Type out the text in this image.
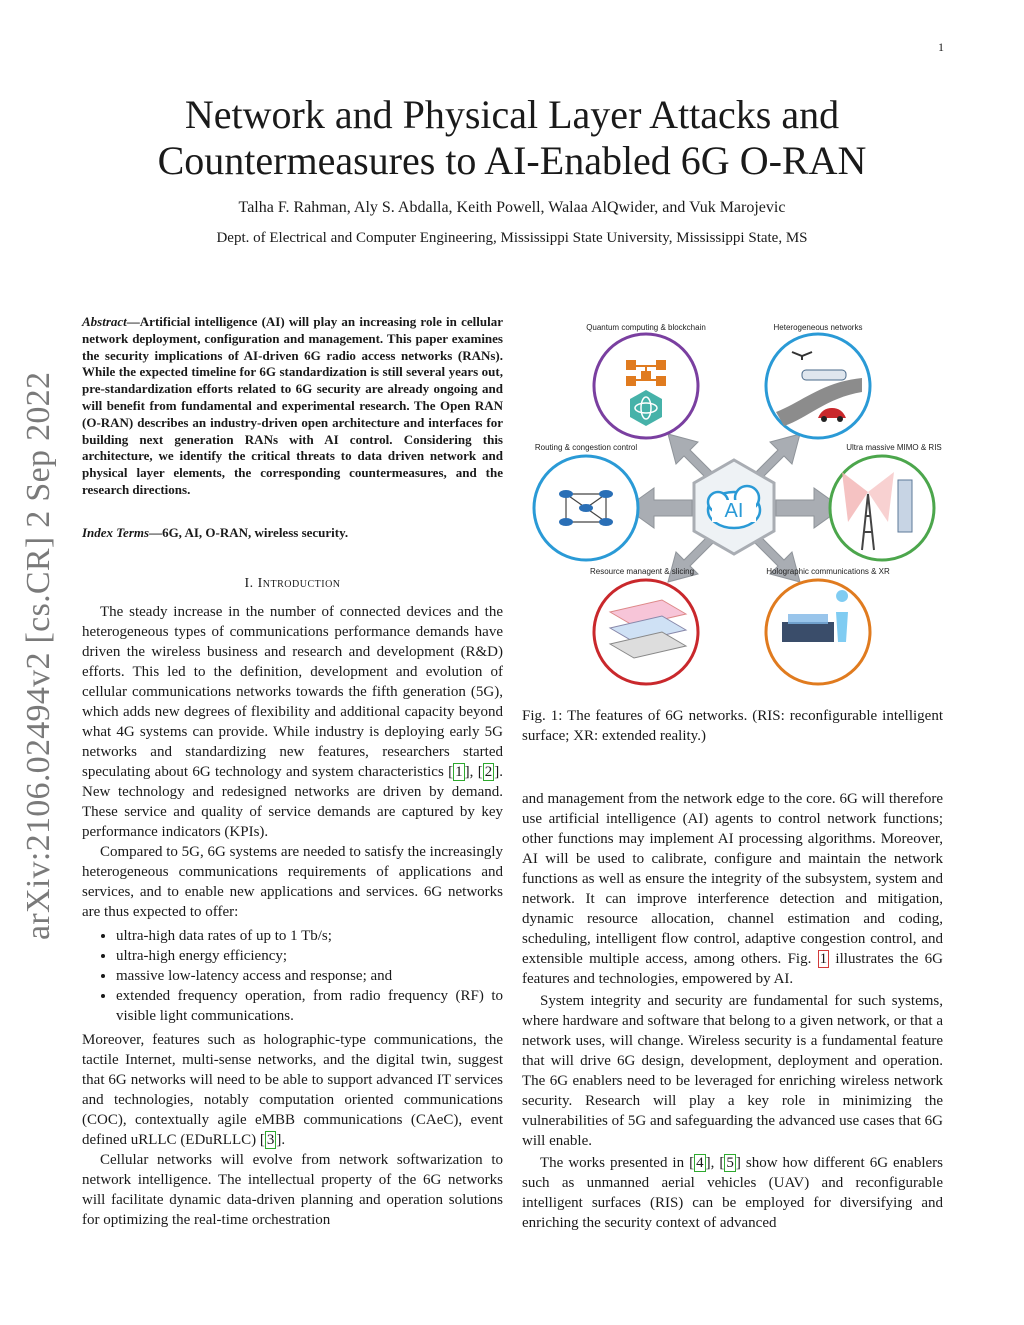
1
arXiv:2106.02494v2 [cs.CR] 2 Sep 2022
Network and Physical Layer Attacks and
Countermeasures to AI-Enabled 6G O-RAN
Talha F. Rahman, Aly S. Abdalla, Keith Powell, Walaa AlQwider, and Vuk Marojevic
Dept. of Electrical and Computer Engineering, Mississippi State University, Mississippi State, MS
Abstract—Artificial intelligence (AI) will play an increasing role in cellular network deployment, configuration and management. This paper examines the security implications of AI-driven 6G radio access networks (RANs). While the expected timeline for 6G standardization is still several years out, pre-standardization efforts related to 6G security are already ongoing and will benefit from fundamental and experimental research. The Open RAN (O-RAN) describes an industry-driven open architecture and interfaces for building next generation RANs with AI control. Considering this architecture, we identify the critical threats to data driven network and physical layer elements, the corresponding countermeasures, and the research directions.
Index Terms—6G, AI, O-RAN, wireless security.
I. Introduction

The steady increase in the number of connected devices and the heterogeneous types of communications performance demands have driven the wireless business and research and development (R&D) efforts. This led to the definition, development and evolution of cellular communications networks towards the fifth generation (5G), which adds new degrees of flexibility and additional capacity beyond what 4G systems can provide. While industry is deploying early 5G networks and standardizing new features, researchers started speculating about 6G technology and system characteristics [ 1 ], [ 2 ]. New technology and redesigned networks are driven by demand. These service and quality of service demands are captured by key performance indicators (KPIs).

Compared to 5G, 6G systems are needed to satisfy the increasingly heterogeneous communications requirements of applications and services, and to enable new applications and services. 6G networks are thus expected to offer:

• ultra-high data rates of up to 1 Tb/s;
• ultra-high energy efficiency;
• massive low-latency access and response; and
• extended frequency operation, from radio frequency (RF) to visible light communications.

Moreover, features such as holographic-type communications, the tactile Internet, multi-sense networks, and the digital twin, suggest that 6G networks will need to be able to support advanced IT services and technologies, notably computation oriented communications (COC), contextually agile eMBB communications (CAeC), event defined uRLLC (EDuRLLC) [ 3 ].

Cellular networks will evolve from network softwarization to network intelligence. The intellectual property of the 6G networks will facilitate dynamic data-driven planning and operation solutions for optimizing the real-time orchestration

AI
Quantum computing & blockchain	Heterogeneous networks
Ultra massive MIMO & RIS
Holographic communications & XR
Resource managent & slicing
Routing & congestion control
Fig. 1: The features of 6G networks. (RIS: reconfigurable intelligent surface; XR: extended reality.)

and management from the network edge to the core. 6G will therefore use artificial intelligence (AI) agents to control network functions; other functions may implement AI processing algorithms. Moreover, AI will be used to calibrate, configure and maintain the network functions as well as ensure the integrity of the subsystem, system and network. It can improve interference detection and mitigation, dynamic resource allocation, channel estimation and coding, scheduling, intelligent flow control, adaptive congestion control, and extensible multiple access, among others. Fig. 1 illustrates the 6G features and technologies, empowered by AI.

System integrity and security are fundamental for such systems, where hardware and software that belong to a given network, or that a network uses, will change. Wireless security is a fundamental feature that will drive 6G design, development, deployment and operation. The 6G enablers need to be leveraged for enriching wireless network security. Research will play a key role in minimizing the vulnerabilities of 5G and safeguarding the advanced use cases that 6G will enable.

The works presented in [ 4 ], [ 5 ] show how different 6G enablers such as unmanned aerial vehicles (UAV) and reconfigurable intelligent surfaces (RIS) can be employed for diversifying and enriching the security context of advanced
